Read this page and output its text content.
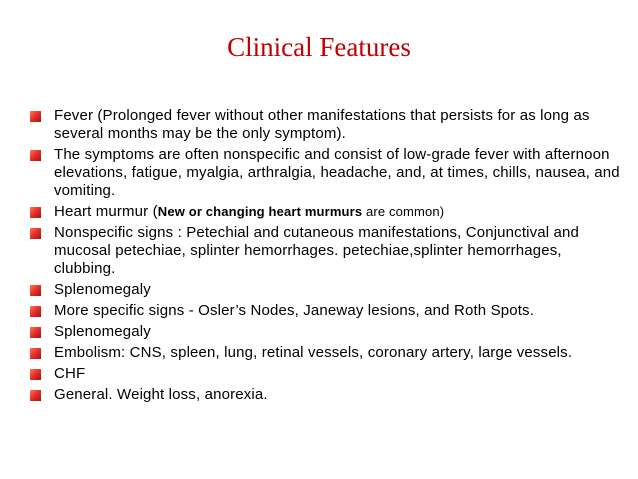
Clinical Features
Fever (Prolonged fever without other manifestations that persists for as long as several months may be the only symptom).
The symptoms are often nonspecific and consist of low-grade fever with afternoon elevations, fatigue, myalgia, arthralgia, headache, and, at times, chills, nausea, and vomiting.
Heart murmur (New or changing heart murmurs are common)
Nonspecific signs : Petechial and cutaneous manifestations, Conjunctival and mucosal petechiae, splinter hemorrhages. petechiae,splinter hemorrhages, clubbing.
Splenomegaly
More specific signs - Osler’s Nodes, Janeway lesions, and Roth Spots.
Splenomegaly
Embolism: CNS, spleen, lung, retinal vessels, coronary artery, large vessels.
CHF
General. Weight loss, anorexia.
